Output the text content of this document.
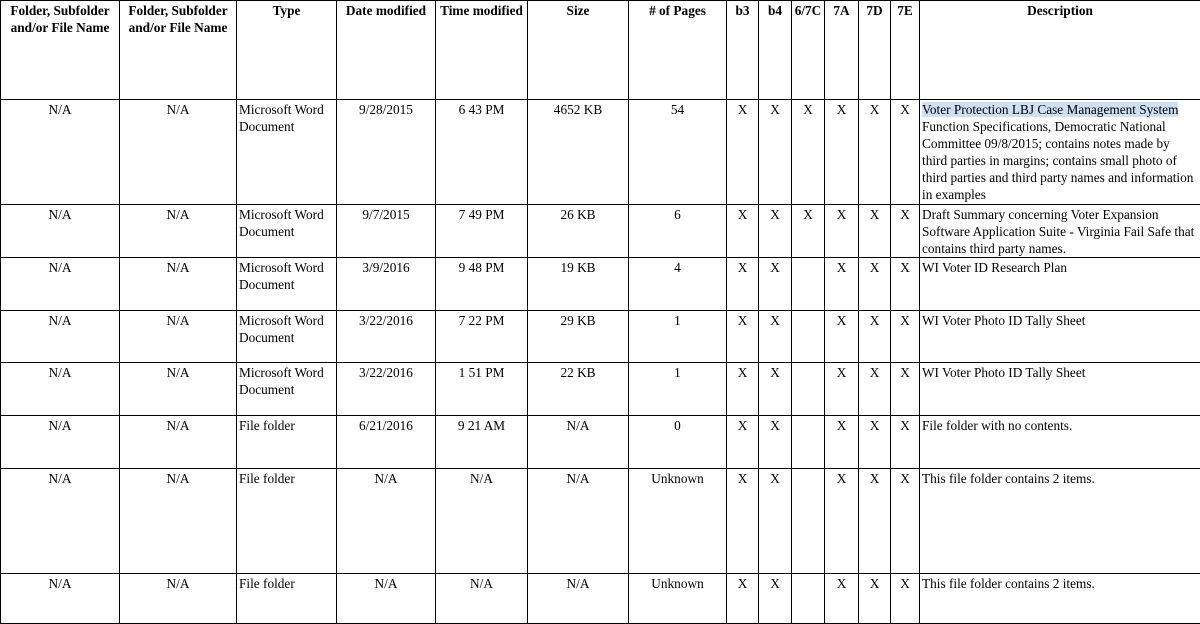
Folder, Subfolder and/or File Name	Folder, Subfolder and/or File Name	Type	Date modified	Time modified	Size	# of Pages	b3	b4	6/7C	7A	7D	7E	Description
N/A	N/A	Microsoft Word Document	9/28/2015	6 43 PM	4652 KB	54	X	X	X	X	X	X	Voter Protection LBJ Case Management System
Function Specifications, Democratic National Committee 09/8/2015; contains notes made by third parties in margins; contains small photo of third parties and third party names and information in examples
N/A	N/A	Microsoft Word Document	9/7/2015	7 49 PM	26 KB	6	X	X	X	X	X	X	Draft Summary concerning Voter Expansion Software Application Suite - Virginia Fail Safe that contains third party names.
N/A	N/A	Microsoft Word Document	3/9/2016	9 48 PM	19 KB	4	X	X		X	X	X	WI Voter ID Research Plan
N/A	N/A	Microsoft Word Document	3/22/2016	7 22 PM	29 KB	1	X	X		X	X	X	WI Voter Photo ID Tally Sheet
N/A	N/A	Microsoft Word Document	3/22/2016	1 51 PM	22 KB	1	X	X		X	X	X	WI Voter Photo ID Tally Sheet
N/A	N/A	File folder	6/21/2016	9 21 AM	N/A	0	X	X		X	X	X	File folder with no contents.
N/A	N/A	File folder	N/A	N/A	N/A	Unknown	X	X		X	X	X	This file folder contains 2 items.
N/A	N/A	File folder	N/A	N/A	N/A	Unknown	X	X		X	X	X	This file folder contains 2 items.
